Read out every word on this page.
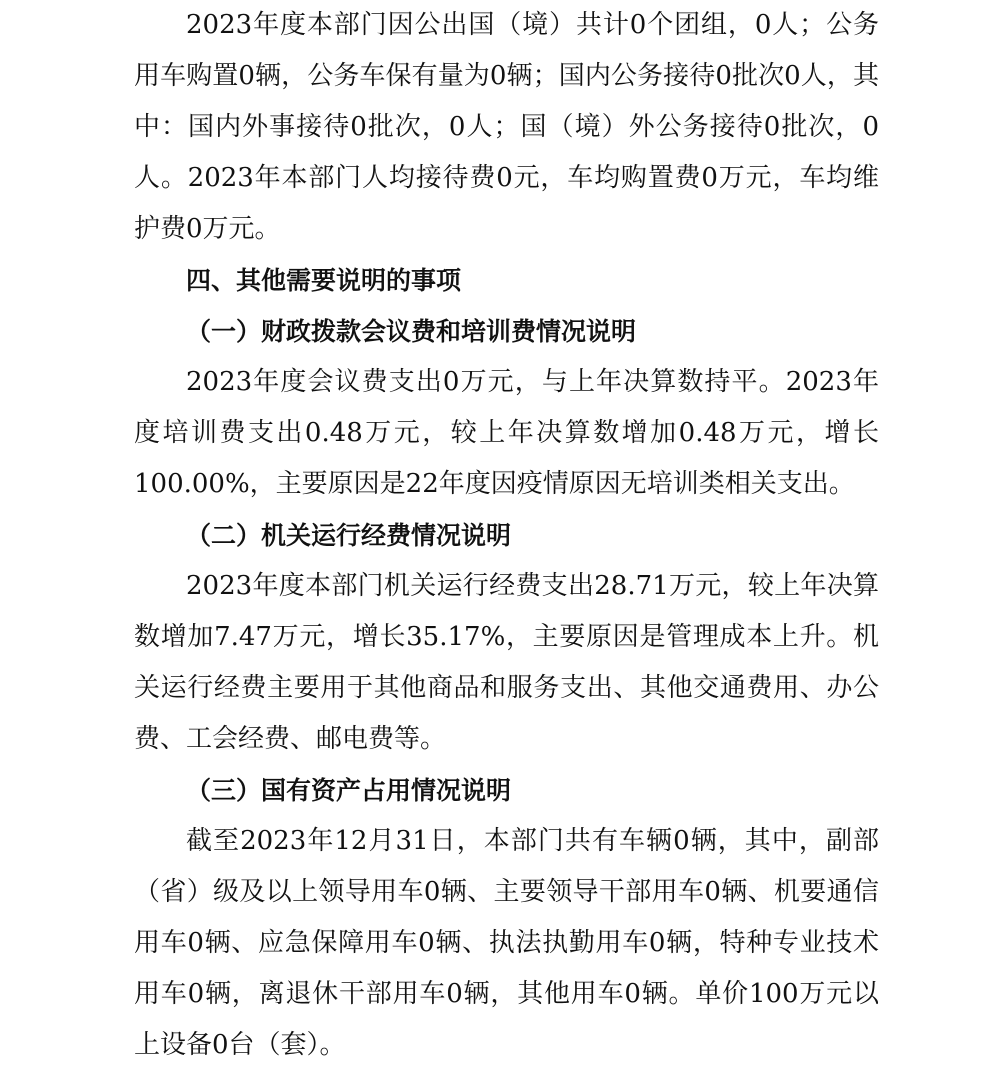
2023年度本部门因公出国（境）共计0个团组，0人；公务用车购置0辆，公务车保有量为0辆；国内公务接待0批次0人，其中：国内外事接待0批次，0人；国（境）外公务接待0批次，0人。2023年本部门人均接待费0元，车均购置费0万元，车均维护费0万元。

四、其他需要说明的事项
（一）财政拨款会议费和培训费情况说明

2023年度会议费支出0万元，与上年决算数持平。2023年度培训费支出0.48万元，较上年决算数增加0.48万元，增长100.00%，主要原因是22年度因疫情原因无培训类相关支出。

（二）机关运行经费情况说明

2023年度本部门机关运行经费支出28.71万元，较上年决算数增加7.47万元，增长35.17%，主要原因是管理成本上升。机关运行经费主要用于其他商品和服务支出、其他交通费用、办公费、工会经费、邮电费等。

（三）国有资产占用情况说明

截至2023年12月31日，本部门共有车辆0辆，其中，副部（省）级及以上领导用车0辆、主要领导干部用车0辆、机要通信用车0辆、应急保障用车0辆、执法执勤用车0辆，特种专业技术用车0辆，离退休干部用车0辆，其他用车0辆。单价100万元以上设备0台（套）。
